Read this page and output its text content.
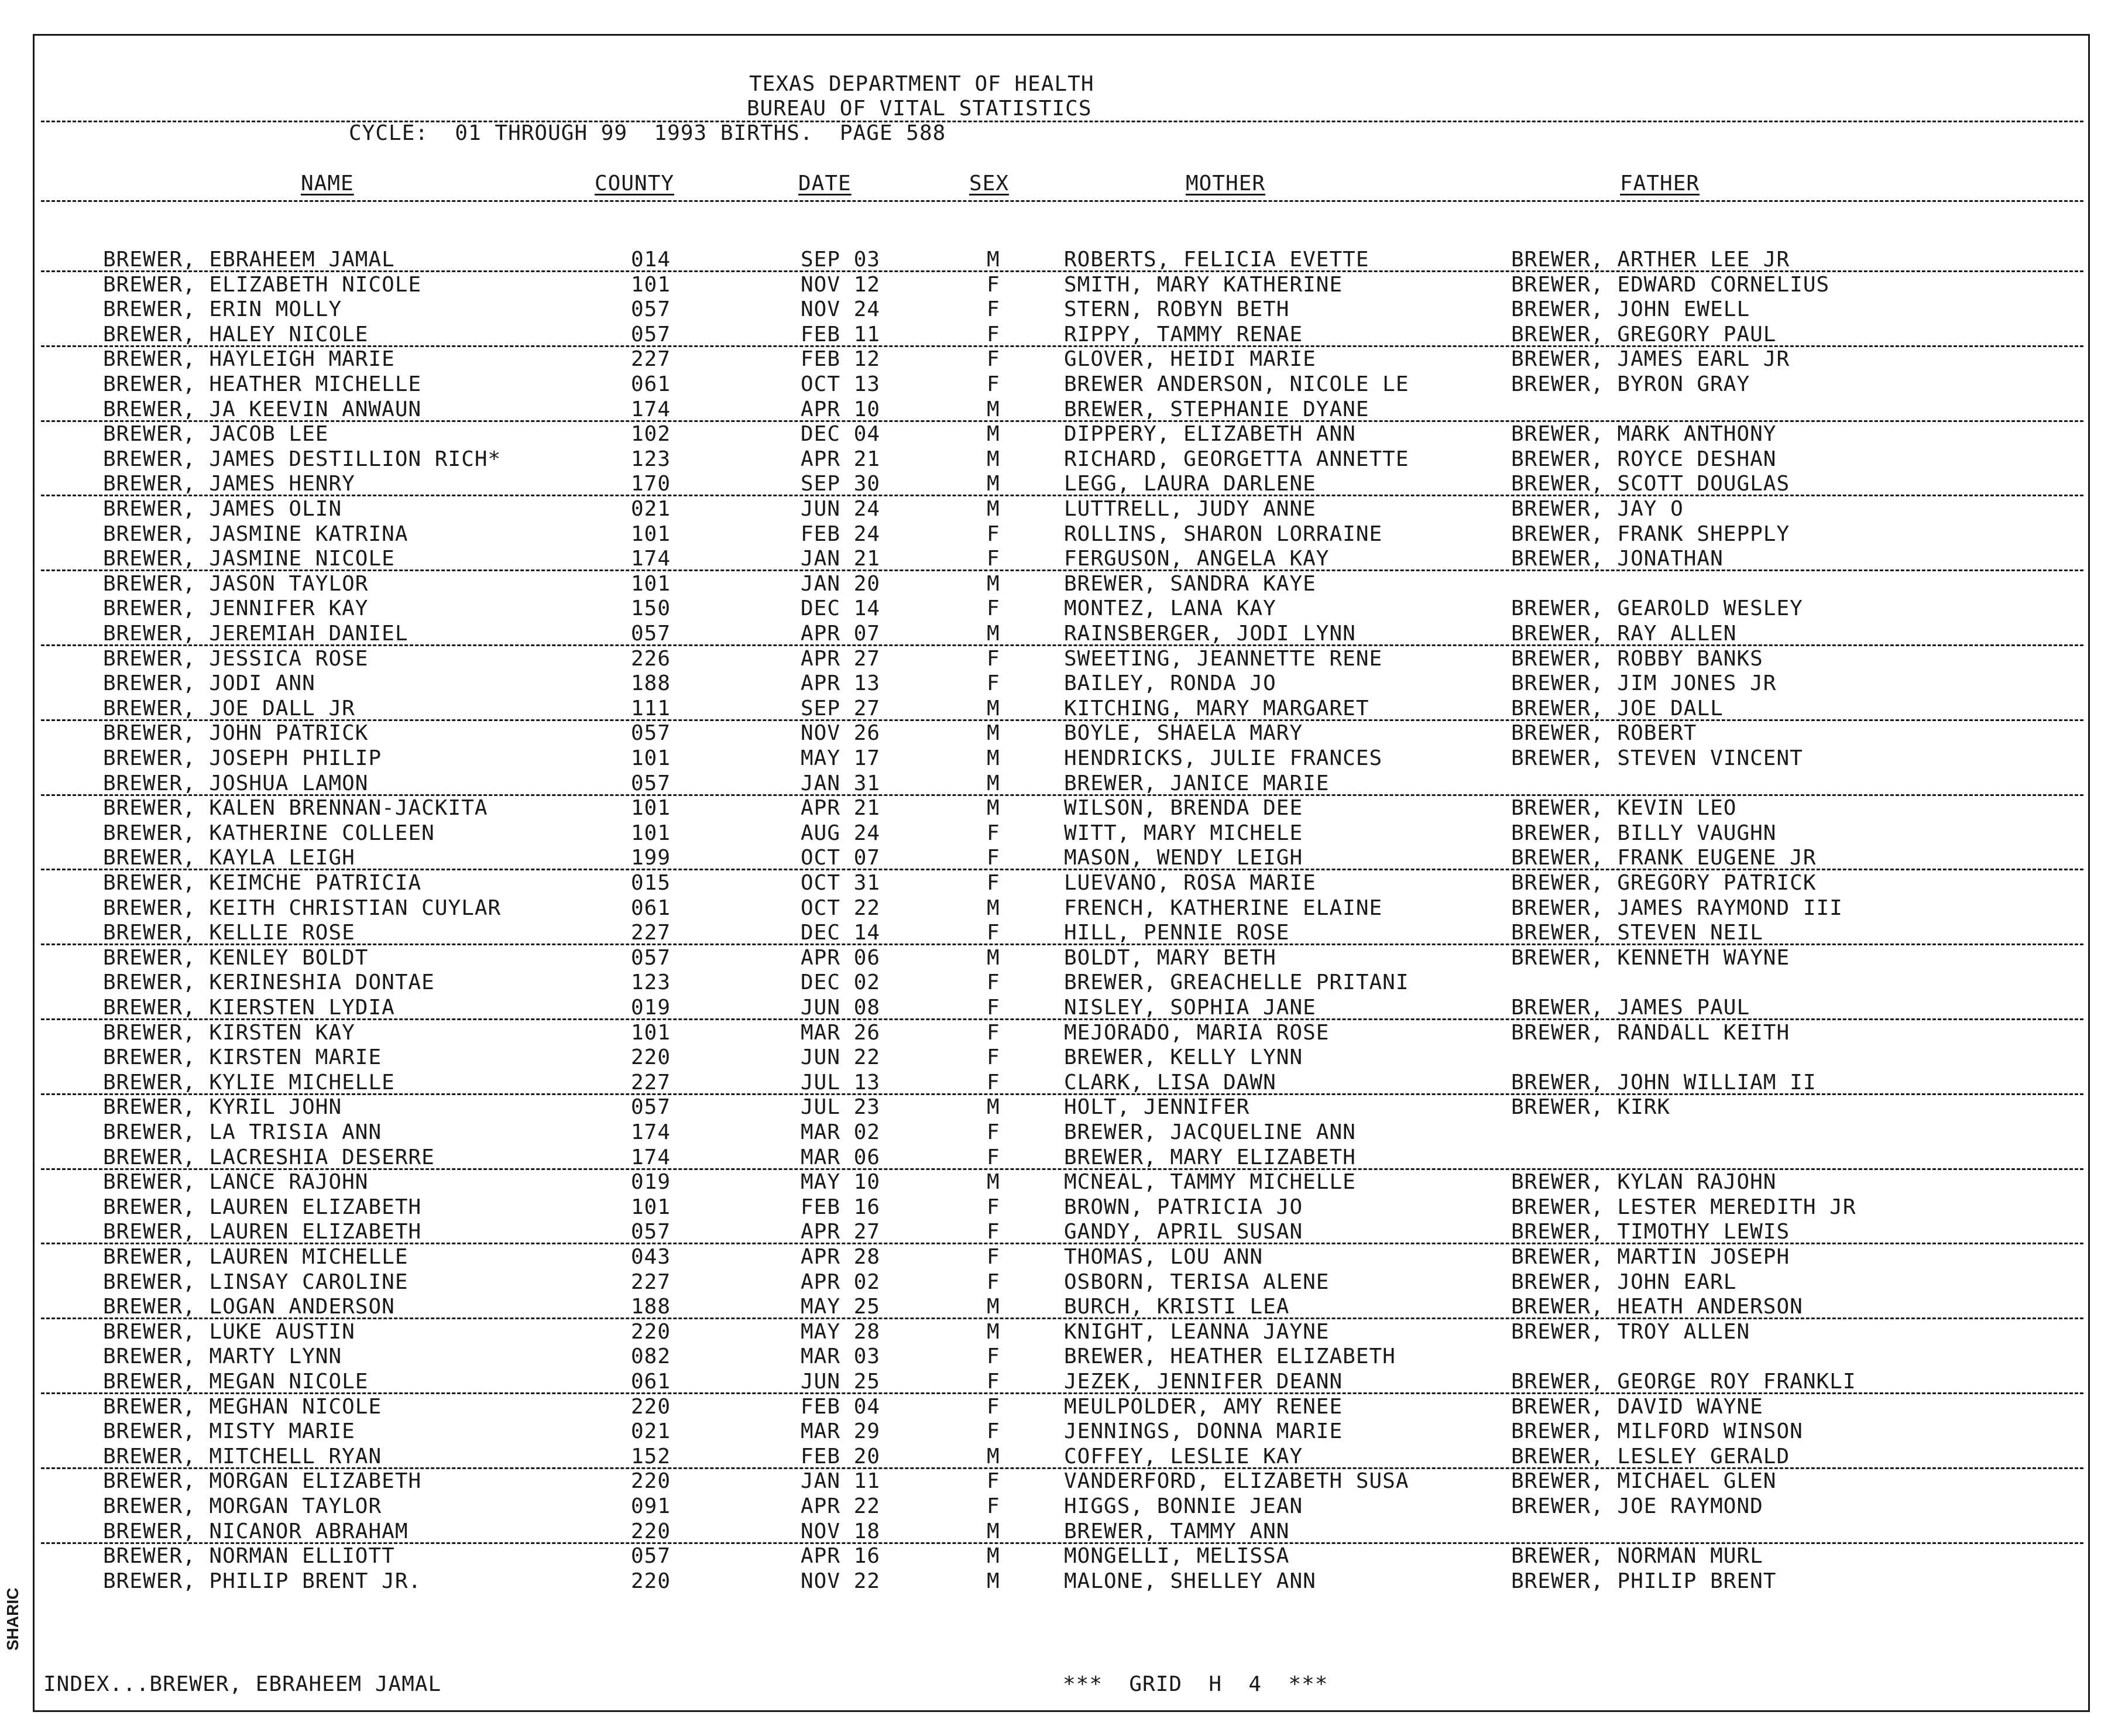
TEXAS DEPARTMENT OF HEALTH
BUREAU OF VITAL STATISTICS
CYCLE:  01 THROUGH 99  1993 BIRTHS.  PAGE 588
NAME	COUNTY	DATE	SEX	MOTHER	FATHER
BREWER, EBRAHEEM JAMAL	014	SEP 03	M	ROBERTS, FELICIA EVETTE	BREWER, ARTHER LEE JR
BREWER, ELIZABETH NICOLE	101	NOV 12	F	SMITH, MARY KATHERINE	BREWER, EDWARD CORNELIUS
BREWER, ERIN MOLLY	057	NOV 24	F	STERN, ROBYN BETH	BREWER, JOHN EWELL
BREWER, HALEY NICOLE	057	FEB 11	F	RIPPY, TAMMY RENAE	BREWER, GREGORY PAUL
BREWER, HAYLEIGH MARIE	227	FEB 12	F	GLOVER, HEIDI MARIE	BREWER, JAMES EARL JR
BREWER, HEATHER MICHELLE	061	OCT 13	F	BREWER ANDERSON, NICOLE LE	BREWER, BYRON GRAY
BREWER, JA KEEVIN ANWAUN	174	APR 10	M	BREWER, STEPHANIE DYANE
BREWER, JACOB LEE	102	DEC 04	M	DIPPERY, ELIZABETH ANN	BREWER, MARK ANTHONY
BREWER, JAMES DESTILLION RICH*	123	APR 21	M	RICHARD, GEORGETTA ANNETTE	BREWER, ROYCE DESHAN
BREWER, JAMES HENRY	170	SEP 30	M	LEGG, LAURA DARLENE	BREWER, SCOTT DOUGLAS
BREWER, JAMES OLIN	021	JUN 24	M	LUTTRELL, JUDY ANNE	BREWER, JAY O
BREWER, JASMINE KATRINA	101	FEB 24	F	ROLLINS, SHARON LORRAINE	BREWER, FRANK SHEPPLY
BREWER, JASMINE NICOLE	174	JAN 21	F	FERGUSON, ANGELA KAY	BREWER, JONATHAN
BREWER, JASON TAYLOR	101	JAN 20	M	BREWER, SANDRA KAYE
BREWER, JENNIFER KAY	150	DEC 14	F	MONTEZ, LANA KAY	BREWER, GEAROLD WESLEY
BREWER, JEREMIAH DANIEL	057	APR 07	M	RAINSBERGER, JODI LYNN	BREWER, RAY ALLEN
BREWER, JESSICA ROSE	226	APR 27	F	SWEETING, JEANNETTE RENE	BREWER, ROBBY BANKS
BREWER, JODI ANN	188	APR 13	F	BAILEY, RONDA JO	BREWER, JIM JONES JR
BREWER, JOE DALL JR	111	SEP 27	M	KITCHING, MARY MARGARET	BREWER, JOE DALL
BREWER, JOHN PATRICK	057	NOV 26	M	BOYLE, SHAELA MARY	BREWER, ROBERT
BREWER, JOSEPH PHILIP	101	MAY 17	M	HENDRICKS, JULIE FRANCES	BREWER, STEVEN VINCENT
BREWER, JOSHUA LAMON	057	JAN 31	M	BREWER, JANICE MARIE
BREWER, KALEN BRENNAN-JACKITA	101	APR 21	M	WILSON, BRENDA DEE	BREWER, KEVIN LEO
BREWER, KATHERINE COLLEEN	101	AUG 24	F	WITT, MARY MICHELE	BREWER, BILLY VAUGHN
BREWER, KAYLA LEIGH	199	OCT 07	F	MASON, WENDY LEIGH	BREWER, FRANK EUGENE JR
BREWER, KEIMCHE PATRICIA	015	OCT 31	F	LUEVANO, ROSA MARIE	BREWER, GREGORY PATRICK
BREWER, KEITH CHRISTIAN CUYLAR	061	OCT 22	M	FRENCH, KATHERINE ELAINE	BREWER, JAMES RAYMOND III
BREWER, KELLIE ROSE	227	DEC 14	F	HILL, PENNIE ROSE	BREWER, STEVEN NEIL
BREWER, KENLEY BOLDT	057	APR 06	M	BOLDT, MARY BETH	BREWER, KENNETH WAYNE
BREWER, KERINESHIA DONTAE	123	DEC 02	F	BREWER, GREACHELLE PRITANI
BREWER, KIERSTEN LYDIA	019	JUN 08	F	NISLEY, SOPHIA JANE	BREWER, JAMES PAUL
BREWER, KIRSTEN KAY	101	MAR 26	F	MEJORADO, MARIA ROSE	BREWER, RANDALL KEITH
BREWER, KIRSTEN MARIE	220	JUN 22	F	BREWER, KELLY LYNN
BREWER, KYLIE MICHELLE	227	JUL 13	F	CLARK, LISA DAWN	BREWER, JOHN WILLIAM II
BREWER, KYRIL JOHN	057	JUL 23	M	HOLT, JENNIFER	BREWER, KIRK
BREWER, LA TRISIA ANN	174	MAR 02	F	BREWER, JACQUELINE ANN
BREWER, LACRESHIA DESERRE	174	MAR 06	F	BREWER, MARY ELIZABETH
BREWER, LANCE RAJOHN	019	MAY 10	M	MCNEAL, TAMMY MICHELLE	BREWER, KYLAN RAJOHN
BREWER, LAUREN ELIZABETH	101	FEB 16	F	BROWN, PATRICIA JO	BREWER, LESTER MEREDITH JR
BREWER, LAUREN ELIZABETH	057	APR 27	F	GANDY, APRIL SUSAN	BREWER, TIMOTHY LEWIS
BREWER, LAUREN MICHELLE	043	APR 28	F	THOMAS, LOU ANN	BREWER, MARTIN JOSEPH
BREWER, LINSAY CAROLINE	227	APR 02	F	OSBORN, TERISA ALENE	BREWER, JOHN EARL
BREWER, LOGAN ANDERSON	188	MAY 25	M	BURCH, KRISTI LEA	BREWER, HEATH ANDERSON
BREWER, LUKE AUSTIN	220	MAY 28	M	KNIGHT, LEANNA JAYNE	BREWER, TROY ALLEN
BREWER, MARTY LYNN	082	MAR 03	F	BREWER, HEATHER ELIZABETH
BREWER, MEGAN NICOLE	061	JUN 25	F	JEZEK, JENNIFER DEANN	BREWER, GEORGE ROY FRANKLI
BREWER, MEGHAN NICOLE	220	FEB 04	F	MEULPOLDER, AMY RENEE	BREWER, DAVID WAYNE
BREWER, MISTY MARIE	021	MAR 29	F	JENNINGS, DONNA MARIE	BREWER, MILFORD WINSON
BREWER, MITCHELL RYAN	152	FEB 20	M	COFFEY, LESLIE KAY	BREWER, LESLEY GERALD
BREWER, MORGAN ELIZABETH	220	JAN 11	F	VANDERFORD, ELIZABETH SUSA	BREWER, MICHAEL GLEN
BREWER, MORGAN TAYLOR	091	APR 22	F	HIGGS, BONNIE JEAN	BREWER, JOE RAYMOND
BREWER, NICANOR ABRAHAM	220	NOV 18	M	BREWER, TAMMY ANN
BREWER, NORMAN ELLIOTT	057	APR 16	M	MONGELLI, MELISSA	BREWER, NORMAN MURL
BREWER, PHILIP BRENT JR.	220	NOV 22	M	MALONE, SHELLEY ANN	BREWER, PHILIP BRENT
INDEX...BREWER, EBRAHEEM JAMAL	***  GRID  H  4  ***
SHARIC
